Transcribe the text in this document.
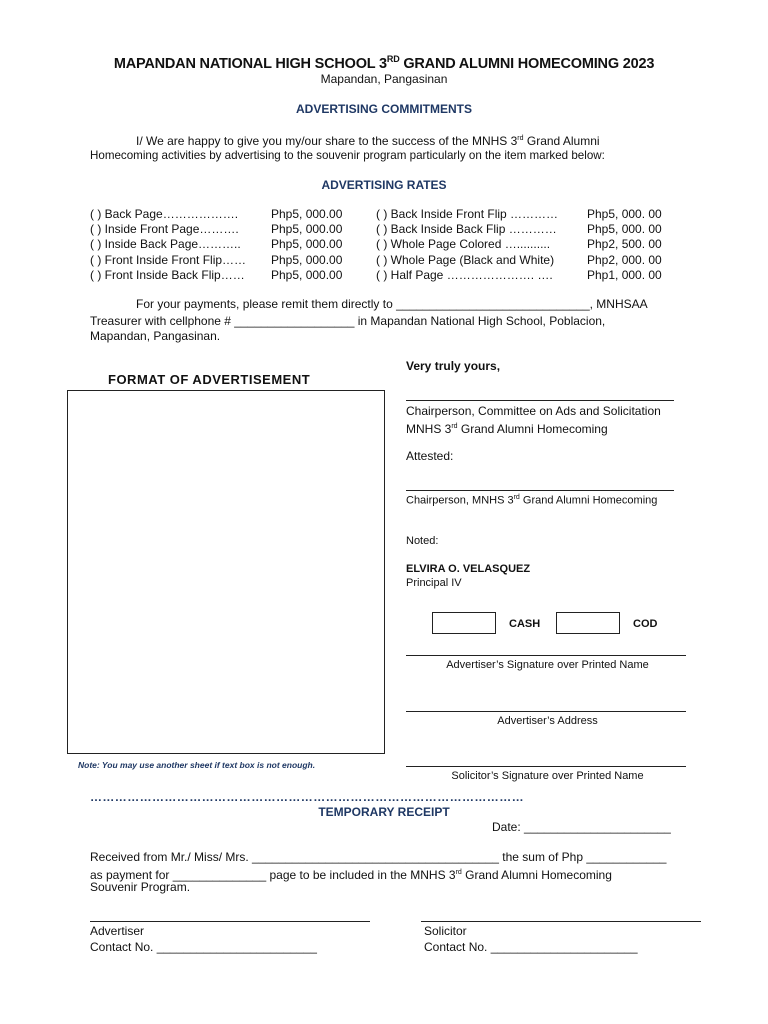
MAPANDAN NATIONAL HIGH SCHOOL 3RD GRAND ALUMNI HOMECOMING 2023
Mapandan, Pangasinan
ADVERTISING COMMITMENTS
I/ We are happy to give you my/our share to the success of the MNHS 3rd Grand Alumni
Homecoming activities by advertising to the souvenir program particularly on the item marked below:
ADVERTISING RATES
( ) Back Page……………….
( ) Inside Front Page……….
( ) Inside Back Page………..
( ) Front Inside Front Flip……
( ) Front Inside Back Flip……
Php5, 000.00
Php5, 000.00
Php5, 000.00
Php5, 000.00
Php5, 000.00
( ) Back Inside Front Flip …………
( ) Back Inside Back Flip …………
( ) Whole Page Colored …..........
( ) Whole Page (Black and White)
( ) Half Page …………………. ….
Php5, 000. 00
Php5, 000. 00
Php2, 500. 00
Php2, 000. 00
Php1, 000. 00
For your payments, please remit them directly to _____________________________, MNHSAA
Treasurer with cellphone # __________________ in Mapandan National High School, Poblacion,
Mapandan, Pangasinan.
FORMAT OF ADVERTISEMENT
Note: You may use another sheet if text box is not enough.
Very truly yours,
Chairperson, Committee on Ads and Solicitation
MNHS 3rd Grand Alumni Homecoming
Attested:
Chairperson, MNHS 3rd Grand Alumni Homecoming
Noted:
ELVIRA O. VELASQUEZ
Principal IV
CASH	COD
Advertiser’s Signature over Printed Name
Advertiser’s Address
Solicitor’s Signature over Printed Name
……………………………………………………………………………………………
TEMPORARY RECEIPT
Date: ______________________
Received from Mr./ Miss/ Mrs. _____________________________________ the sum of Php ____________
as payment for ______________ page to be included in the MNHS 3rd Grand Alumni Homecoming
Souvenir Program.
Advertiser
Contact No. ________________________
Solicitor
Contact No. ______________________
